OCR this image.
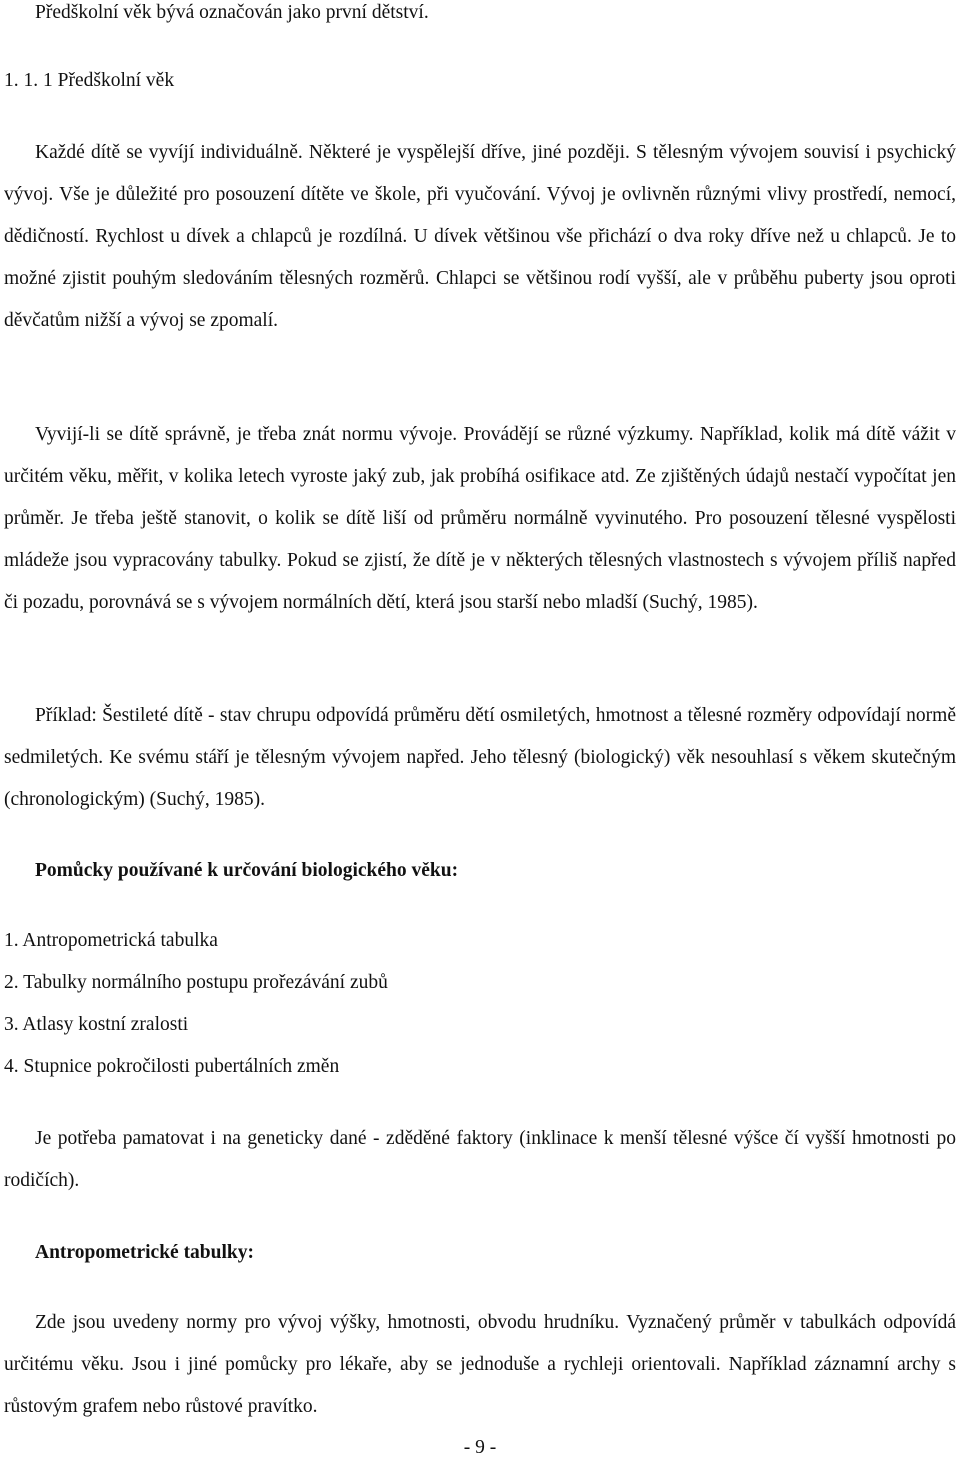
Předškolní věk bývá označován jako první dětství.

1. 1. 1 Předškolní věk

Každé dítě se vyvíjí individuálně. Některé je vyspělejší dříve, jiné později. S tělesným vývojem souvisí i psychický vývoj. Vše je důležité pro posouzení dítěte ve škole, při vyučování. Vývoj je ovlivněn různými vlivy prostředí, nemocí, dědičností. Rychlost u dívek a chlapců je rozdílná. U dívek většinou vše přichází o dva roky dříve než u chlapců. Je to možné zjistit pouhým sledováním tělesných rozměrů. Chlapci se většinou rodí vyšší, ale v průběhu puberty jsou oproti děvčatům nižší a vývoj se zpomalí.

Vyvijí-li se dítě správně, je třeba znát normu vývoje. Provádějí se různé výzkumy. Například, kolik má dítě vážit v určitém věku, měřit, v kolika letech vyroste jaký zub, jak probíhá osifikace atd. Ze zjištěných údajů nestačí vypočítat jen průměr. Je třeba ještě stanovit, o kolik se dítě liší od průměru normálně vyvinutého. Pro posouzení tělesné vyspělosti mládeže jsou vypracovány tabulky. Pokud se zjistí, že dítě je v některých tělesných vlastnostech s vývojem příliš napřed či pozadu, porovnává se s vývojem normálních dětí, která jsou starší nebo mladší (Suchý, 1985).

Příklad: Šestileté dítě - stav chrupu odpovídá průměru dětí osmiletých, hmotnost a tělesné rozměry odpovídají normě sedmiletých. Ke svému stáří je tělesným vývojem napřed. Jeho tělesný (biologický) věk nesouhlasí s věkem skutečným (chronologickým) (Suchý, 1985).

Pomůcky používané k určování biologického věku:

1. Antropometrická tabulka
2. Tabulky normálního postupu prořezávání zubů
3. Atlasy kostní zralosti
4. Stupnice pokročilosti pubertálních změn

Je potřeba pamatovat i na geneticky dané - zděděné faktory (inklinace k menší tělesné výšce čí vyšší hmotnosti po rodičích).

Antropometrické tabulky:

Zde jsou uvedeny normy pro vývoj výšky, hmotnosti, obvodu hrudníku. Vyznačený průměr v tabulkách odpovídá určitému věku. Jsou i jiné pomůcky pro lékaře, aby se jednoduše a rychleji orientovali. Například záznamní archy s růstovým grafem nebo růstové pravítko.

- 9 -
